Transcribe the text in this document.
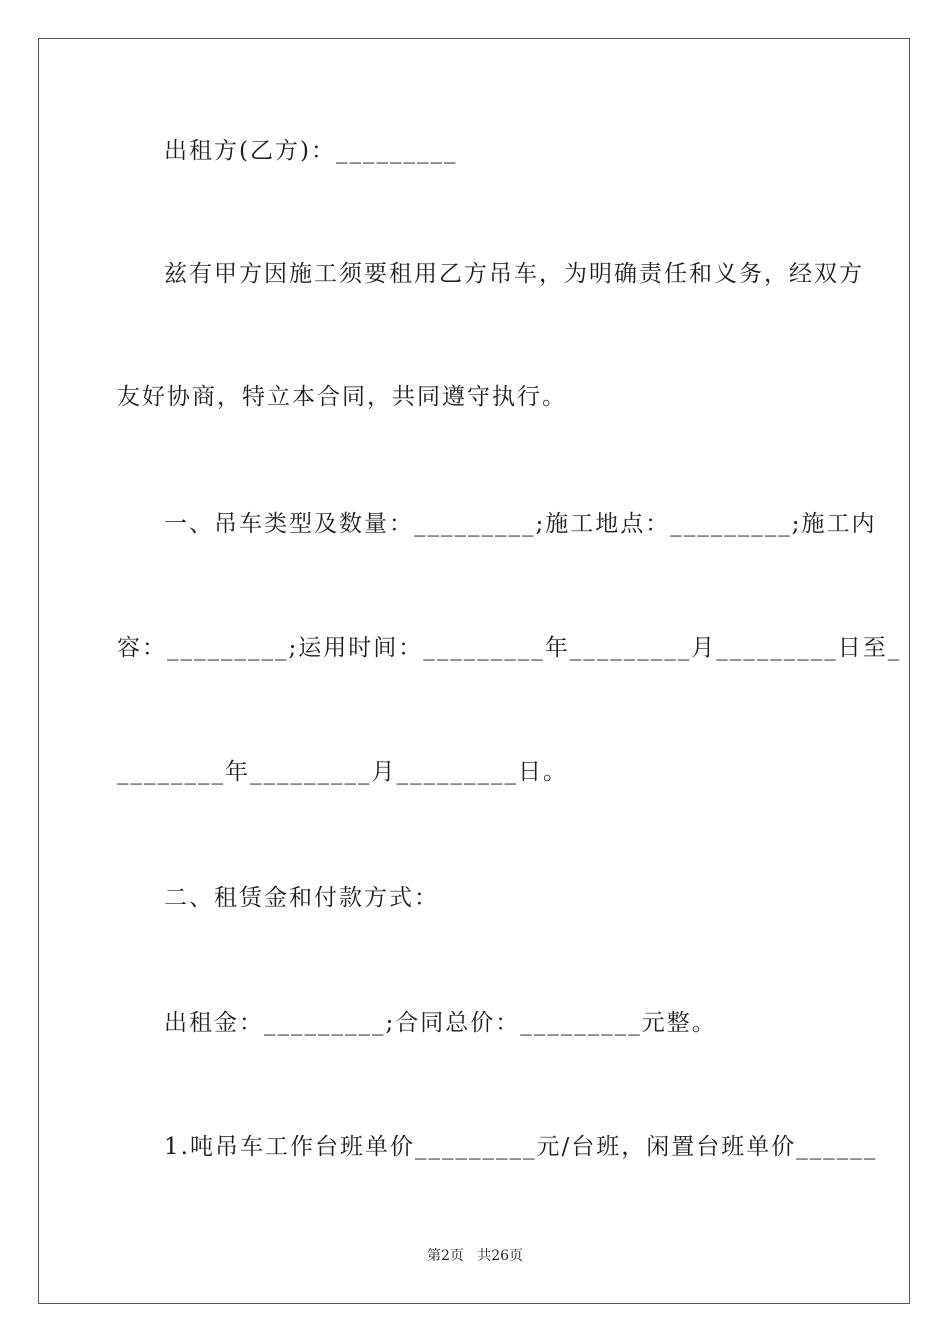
出租方(乙方)：_________
兹有甲方因施工须要租用乙方吊车，为明确责任和义务，经双方
友好协商，特立本合同，共同遵守执行。
一、吊车类型及数量：_________;施工地点：_________;施工内
容：_________;运用时间：_________年_________月_________日至_
________年_________月_________日。
二、租赁金和付款方式：
出租金：_________;合同总价：_________元整。
1.吨吊车工作台班单价_________元/台班，闲置台班单价______
第2页   共26页
